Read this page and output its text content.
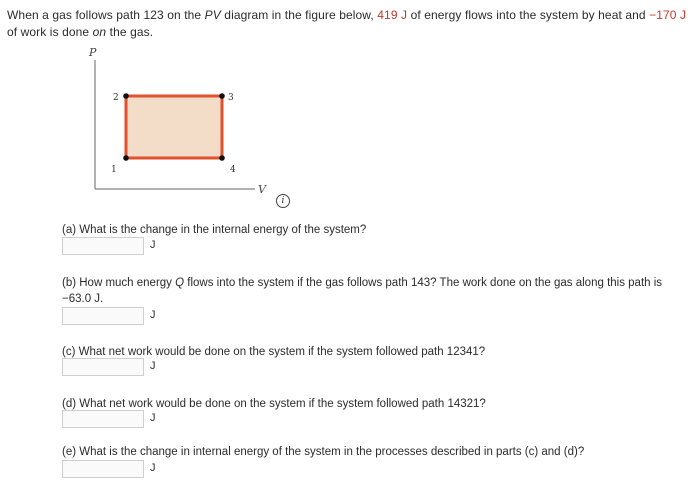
When a gas follows path 123 on the PV diagram in the figure below, 419 J of energy flows into the system by heat and −170 J of work is done on the gas.
P
V
2	3
1	4
i
(a) What is the change in the internal energy of the system?
J
(b) How much energy Q flows into the system if the gas follows path 143? The work done on the gas along this path is −63.0 J.
J
(c) What net work would be done on the system if the system followed path 12341?
J
(d) What net work would be done on the system if the system followed path 14321?
J
(e) What is the change in internal energy of the system in the processes described in parts (c) and (d)?
J
